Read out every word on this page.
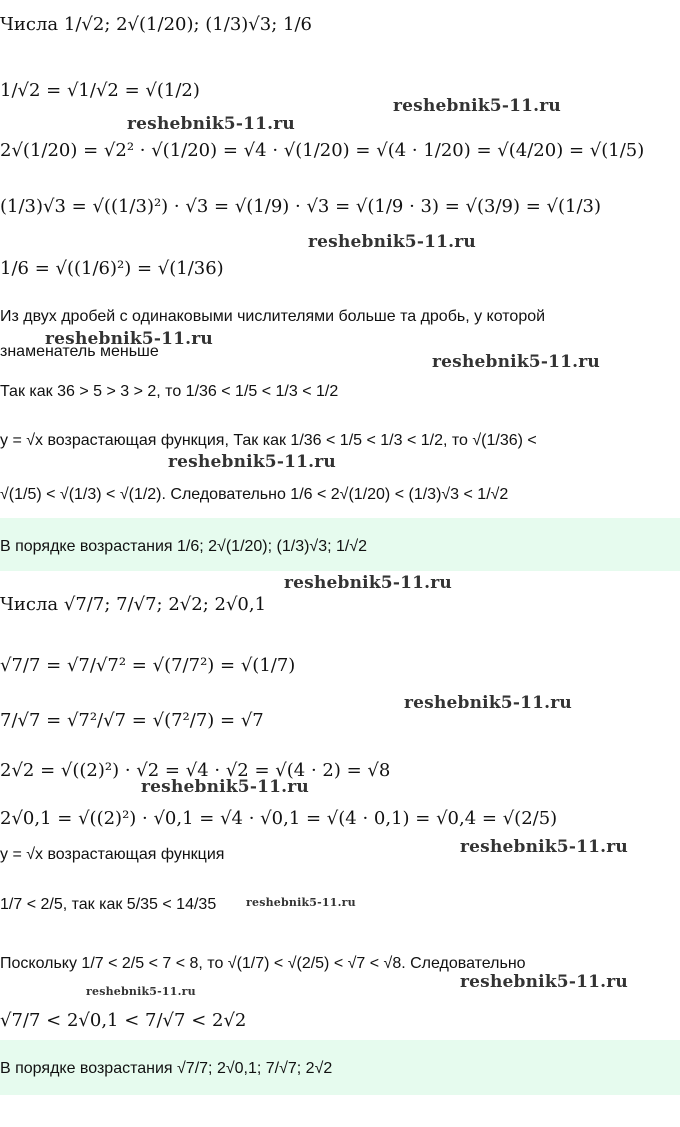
Числа 1/√2; 2√(1/20); (1/3)√3; 1/6
1/√2 = √1/√2 = √(1/2)
2√(1/20) = √2² · √(1/20) = √4 · √(1/20) = √(4 · 1/20) = √(4/20) = √(1/5)
(1/3)√3 = √((1/3)²) · √3 = √(1/9) · √3 = √(1/9 · 3) = √(3/9) = √(1/3)
1/6 = √((1/6)²) = √(1/36)
Из двух дробей с одинаковыми числителями больше та дробь, у которой
знаменатель меньше
Так как 36 > 5 > 3 > 2, то 1/36 < 1/5 < 1/3 < 1/2
y = √x возрастающая функция, Так как 1/36 < 1/5 < 1/3 < 1/2, то √(1/36) <
√(1/5) < √(1/3) < √(1/2). Следовательно 1/6 < 2√(1/20) < (1/3)√3 < 1/√2
В порядке возрастания 1/6; 2√(1/20); (1/3)√3; 1/√2
Числа √7/7; 7/√7; 2√2; 2√0,1
√7/7 = √7/√7² = √(7/7²) = √(1/7)
7/√7 = √7²/√7 = √(7²/7) = √7
2√2 = √((2)²) · √2 = √4 · √2 = √(4 · 2) = √8
2√0,1 = √((2)²) · √0,1 = √4 · √0,1 = √(4 · 0,1) = √0,4 = √(2/5)
y = √x возрастающая функция
1/7 < 2/5, так как 5/35 < 14/35
Поскольку 1/7 < 2/5 < 7 < 8, то √(1/7) < √(2/5) < √7 < √8. Следовательно
√7/7 < 2√0,1 < 7/√7 < 2√2
В порядке возрастания √7/7; 2√0,1; 7/√7; 2√2
reshebnik5-11.ru
reshebnik5-11.ru
reshebnik5-11.ru
reshebnik5-11.ru
reshebnik5-11.ru
reshebnik5-11.ru
reshebnik5-11.ru
reshebnik5-11.ru
reshebnik5-11.ru
reshebnik5-11.ru
reshebnik5-11.ru
reshebnik5-11.ru
reshebnik5-11.ru
